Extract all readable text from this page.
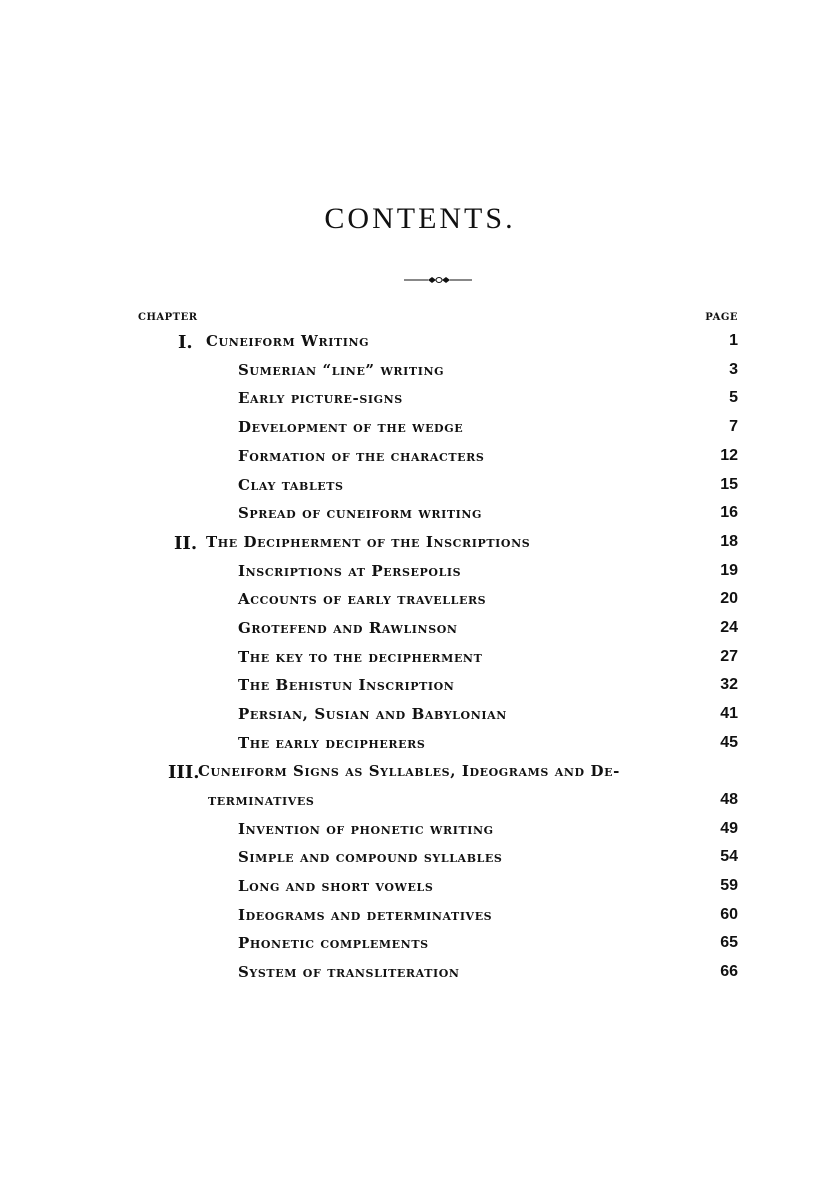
CONTENTS.
CHAPTER	PAGE
I. Cuneiform Writing	1
Sumerian “line” writing	3
Early picture-signs	5
Development of the wedge	7
Formation of the characters	12
Clay tablets	15
Spread of cuneiform writing	16
II. The Decipherment of the Inscriptions	18
Inscriptions at Persepolis	19
Accounts of early travellers	20
Grotefend and Rawlinson	24
The key to the decipherment	27
The Behistun Inscription	32
Persian, Susian and Babylonian	41
The early decipherers	45
III.
Cuneiform Signs as Syllables, Ideograms and De-
terminatives	48
Invention of phonetic writing	49
Simple and compound syllables	54
Long and short vowels	59
Ideograms and determinatives	60
Phonetic complements	65
System of transliteration	66
